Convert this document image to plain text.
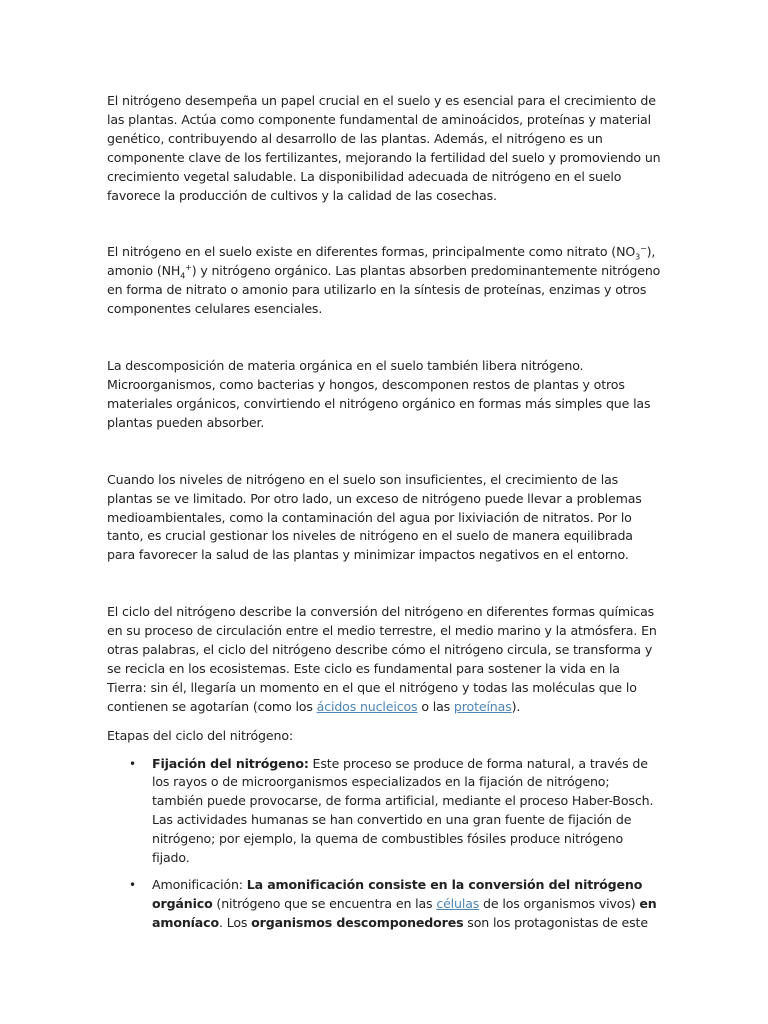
El nitrógeno desempeña un papel crucial en el suelo y es esencial para el crecimiento de las plantas. Actúa como componente fundamental de aminoácidos, proteínas y material genético, contribuyendo al desarrollo de las plantas. Además, el nitrógeno es un componente clave de los fertilizantes, mejorando la fertilidad del suelo y promoviendo un crecimiento vegetal saludable. La disponibilidad adecuada de nitrógeno en el suelo favorece la producción de cultivos y la calidad de las cosechas.

El nitrógeno en el suelo existe en diferentes formas, principalmente como nitrato $(NO_3^-)$, amonio $(NH_4^+)$ y nitrógeno orgánico. Las plantas absorben predominantemente nitrógeno en forma de nitrato o amonio para utilizarlo en la síntesis de proteínas, enzimas y otros componentes celulares esenciales.

La descomposición de materia orgánica en el suelo también libera nitrógeno. Microorganismos, como bacterias y hongos, descomponen restos de plantas y otros materiales orgánicos, convirtiendo el nitrógeno orgánico en formas más simples que las plantas pueden absorber.

Cuando los niveles de nitrógeno en el suelo son insuficientes, el crecimiento de las plantas se ve limitado. Por otro lado, un exceso de nitrógeno puede llevar a problemas medioambientales, como la contaminación del agua por lixiviación de nitratos. Por lo tanto, es crucial gestionar los niveles de nitrógeno en el suelo de manera equilibrada para favorecer la salud de las plantas y minimizar impactos negativos en el entorno.

El ciclo del nitrógeno describe la conversión del nitrógeno en diferentes formas químicas en su proceso de circulación entre el medio terrestre, el medio marino y la atmósfera. En otras palabras, el ciclo del nitrógeno describe cómo el nitrógeno circula, se transforma y se recicla en los ecosistemas. Este ciclo es fundamental para sostener la vida en la Tierra: sin él, llegaría un momento en el que el nitrógeno y todas las moléculas que lo contienen se agotarían (como los ácidos nucleicos o las proteínas).

Etapas del ciclo del nitrógeno:

• Fijación del nitrógeno: Este proceso se produce de forma natural, a través de los rayos o de microorganismos especializados en la fijación de nitrógeno; también puede provocarse, de forma artificial, mediante el proceso Haber-Bosch. Las actividades humanas se han convertido en una gran fuente de fijación de nitrógeno; por ejemplo, la quema de combustibles fósiles produce nitrógeno fijado.
• Amonificación: La amonificación consiste en la conversión del nitrógeno orgánico (nitrógeno que se encuentra en las células de los organismos vivos) en amoníaco. Los organismos descomponedores son los protagonistas de este
